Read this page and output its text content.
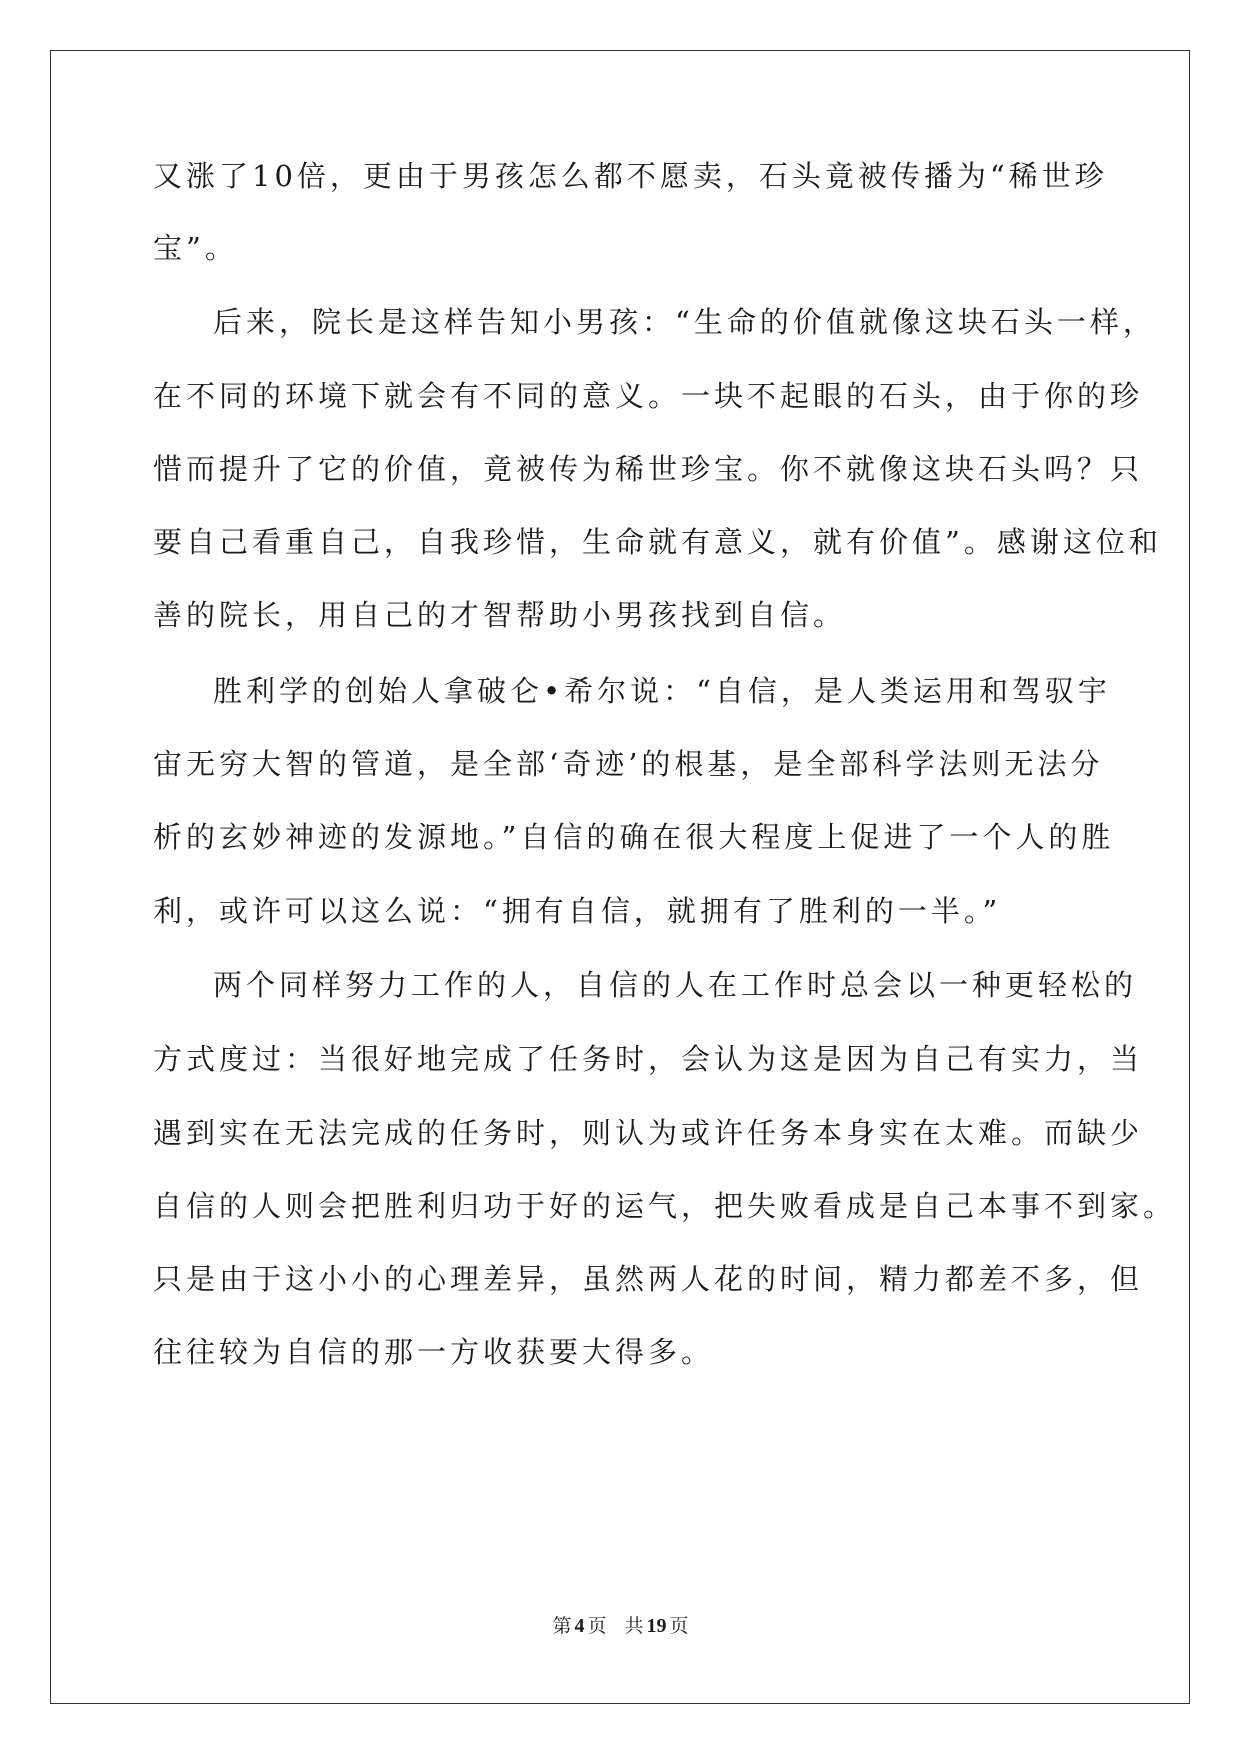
又涨了10倍，更由于男孩怎么都不愿卖，石头竟被传播为“稀世珍
宝”。
后来，院长是这样告知小男孩：“生命的价值就像这块石头一样，
在不同的环境下就会有不同的意义。一块不起眼的石头，由于你的珍
惜而提升了它的价值，竟被传为稀世珍宝。你不就像这块石头吗？只
要自己看重自己，自我珍惜，生命就有意义，就有价值”。感谢这位和
善的院长，用自己的才智帮助小男孩找到自信。
胜利学的创始人拿破仑•希尔说：“自信，是人类运用和驾驭宇
宙无穷大智的管道，是全部‘奇迹’的根基，是全部科学法则无法分
析的玄妙神迹的发源地。”自信的确在很大程度上促进了一个人的胜
利，或许可以这么说：“拥有自信，就拥有了胜利的一半。”
两个同样努力工作的人，自信的人在工作时总会以一种更轻松的
方式度过：当很好地完成了任务时，会认为这是因为自己有实力，当
遇到实在无法完成的任务时，则认为或许任务本身实在太难。而缺少
自信的人则会把胜利归功于好的运气，把失败看成是自己本事不到家。
只是由于这小小的心理差异，虽然两人花的时间，精力都差不多，但
往往较为自信的那一方收获要大得多。
第 4 页 共 19 页
